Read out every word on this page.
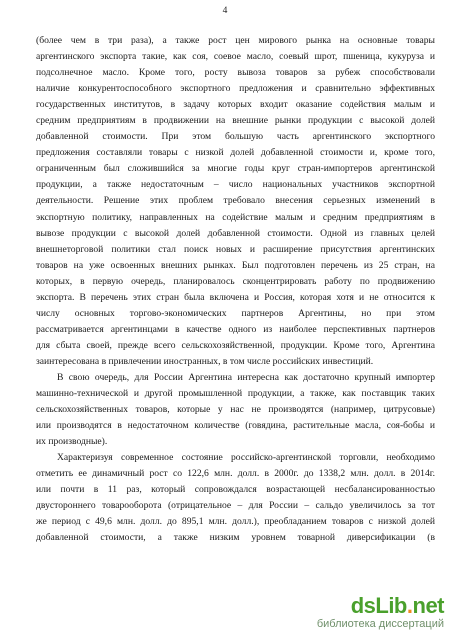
4
(более чем в три раза), а также рост цен мирового рынка на основные товары
аргентинского экспорта такие, как соя, соевое масло, соевый шрот, пшеница, кукуруза и
подсолнечное масло. Кроме того, росту вывоза товаров за рубеж способствовали
наличие конкурентоспособного экспортного предложения и сравнительно эффективных
государственных институтов, в задачу которых входит оказание содействия малым и
средним предприятиям в продвижении на внешние рынки продукции с высокой долей
добавленной стоимости. При этом большую часть аргентинского экспортного
предложения составляли товары с низкой долей добавленной стоимости и, кроме того,
ограниченным был сложившийся за многие годы круг стран-импортеров аргентинской
продукции, а также недостаточным – число национальных участников экспортной
деятельности. Решение этих проблем требовало внесения серьезных изменений в
экспортную политику, направленных на содействие малым и средним предприятиям в
вывозе продукции с высокой долей добавленной стоимости. Одной из главных целей
внешнеторговой политики стал поиск новых и расширение присутствия аргентинских
товаров на уже освоенных внешних рынках. Был подготовлен перечень из 25 стран, на
которых, в первую очередь, планировалось сконцентрировать работу по продвижению
экспорта. В перечень этих стран была включена и Россия, которая хотя и не относится к
числу основных торгово-экономических партнеров Аргентины, но при этом
рассматривается аргентинцами в качестве одного из наиболее перспективных партнеров
для сбыта своей, прежде всего сельскохозяйственной, продукции. Кроме того, Аргентина
заинтересована в привлечении иностранных, в том числе российских инвестиций.
В свою очередь, для России Аргентина интересна как достаточно крупный импортер
машинно-технической и другой промышленной продукции, а также, как поставщик таких
сельскохозяйственных товаров, которые у нас не производятся (например, цитрусовые)
или производятся в недостаточном количестве (говядина, растительные масла, соя-бобы и
их производные).
Характеризуя современное состояние российско-аргентинской торговли, необходимо
отметить ее динамичный рост со 122,6 млн. долл. в 2000г. до 1338,2 млн. долл. в 2014г.
или почти в 11 раз, который сопровождался возрастающей несбалансированностью
двустороннего товарооборота (отрицательное – для России – сальдо увеличилось за тот
же период с 49,6 млн. долл. до 895,1 млн. долл.), преобладанием товаров с низкой долей
добавленной стоимости, а также низким уровнем товарной диверсификации (в
dsLib.net
библиотека диссертаций
